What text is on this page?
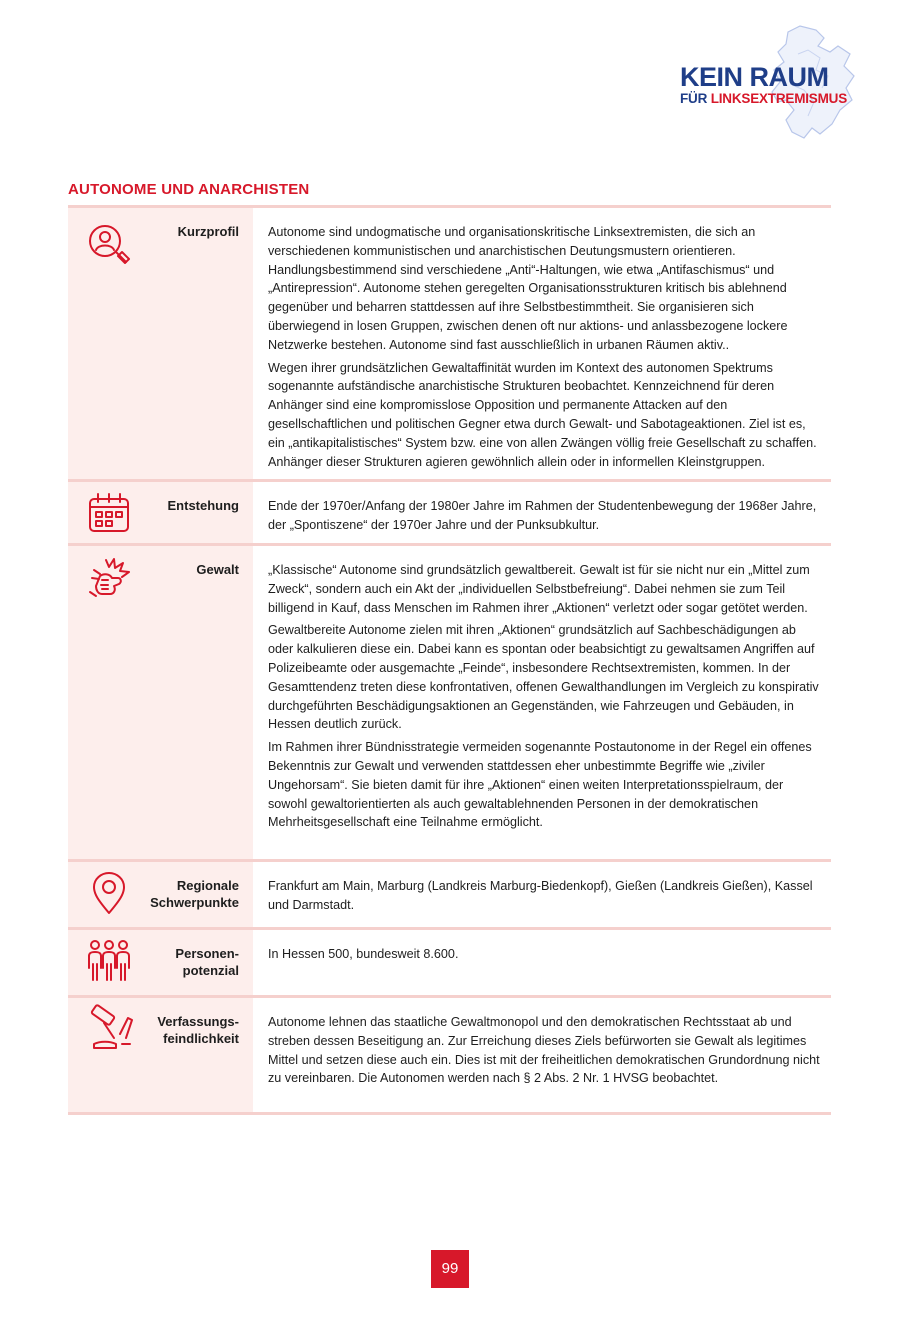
KEIN RAUM
FÜR LINKSEXTREMISMUS
AUTONOME UND ANARCHISTEN
Kurzprofil Autonome sind undogmatische und organisationskritische Linksextremisten, die sich an verschiedenen kommunistischen und anarchistischen Deutungsmustern orientieren. Handlungsbestimmend sind verschiedene „Anti“-Haltungen, wie etwa „Antifaschismus“ und „Antirepression“. Autonome stehen geregelten Organisationsstrukturen kritisch bis ablehnend gegenüber und beharren stattdessen auf ihre Selbstbestimmtheit. Sie organisieren sich überwiegend in losen Gruppen, zwischen denen oft nur aktions- und anlassbezogene lockere Netzwerke bestehen. Autonome sind fast ausschließlich in urbanen Räumen aktiv..

Wegen ihrer grundsätzlichen Gewaltaffinität wurden im Kontext des autonomen Spektrums sogenannte aufständische anarchistische Strukturen beobachtet. Kennzeichnend für deren Anhänger sind eine kompromisslose Opposition und permanente Attacken auf den gesellschaftlichen und politischen Gegner etwa durch Gewalt- und Sabotageaktionen. Ziel ist es, ein „antikapitalistisches“ System bzw. eine von allen Zwängen völlig freie Gesellschaft zu schaffen. Anhänger dieser Strukturen agieren gewöhnlich allein oder in informellen Kleinstgruppen.

Entstehung Ende der 1970er/Anfang der 1980er Jahre im Rahmen der Studentenbewegung der 1968er Jahre, der „Spontiszene“ der 1970er Jahre und der Punksubkultur.

Gewalt „Klassische“ Autonome sind grundsätzlich gewaltbereit. Gewalt ist für sie nicht nur ein „Mittel zum Zweck“, sondern auch ein Akt der „individuellen Selbstbefreiung“. Dabei nehmen sie zum Teil billigend in Kauf, dass Menschen im Rahmen ihrer „Aktionen“ verletzt oder sogar getötet werden.

Gewaltbereite Autonome zielen mit ihren „Aktionen“ grundsätzlich auf Sachbeschädigungen ab oder kalkulieren diese ein. Dabei kann es spontan oder beabsichtigt zu gewaltsamen Angriffen auf Polizeibeamte oder ausgemachte „Feinde“, insbesondere Rechtsextremisten, kommen. In der Gesamttendenz treten diese konfrontativen, offenen Gewalthandlungen im Vergleich zu konspirativ durchgeführten Beschädigungsaktionen an Gegenständen, wie Fahrzeugen und Gebäuden, in Hessen deutlich zurück.

Im Rahmen ihrer Bündnisstrategie vermeiden sogenannte Postautonome in der Regel ein offenes Bekenntnis zur Gewalt und verwenden stattdessen eher unbestimmte Begriffe wie „ziviler Ungehorsam“. Sie bieten damit für ihre „Aktionen“ einen weiten Interpretationsspielraum, der sowohl gewaltorientierten als auch gewaltablehnenden Personen in der demokratischen Mehrheitsgesellschaft eine Teilnahme ermöglicht.

Regionale
Schwerpunkte

Frankfurt am Main, Marburg (Landkreis Marburg-Biedenkopf), Gießen (Landkreis Gießen), Kassel und Darmstadt.

Personen-
potenzial

In Hessen 500, bundesweit 8.600.

Verfassungs-
feindlichkeit

Autonome lehnen das staatliche Gewaltmonopol und den demokratischen Rechtsstaat ab und streben dessen Beseitigung an. Zur Erreichung dieses Ziels befürworten sie Gewalt als legitimes Mittel und setzen diese auch ein. Dies ist mit der freiheitlichen demokratischen Grundordnung nicht zu vereinbaren. Die Autonomen werden nach § 2 Abs. 2 Nr. 1 HVSG beobachtet.

99
